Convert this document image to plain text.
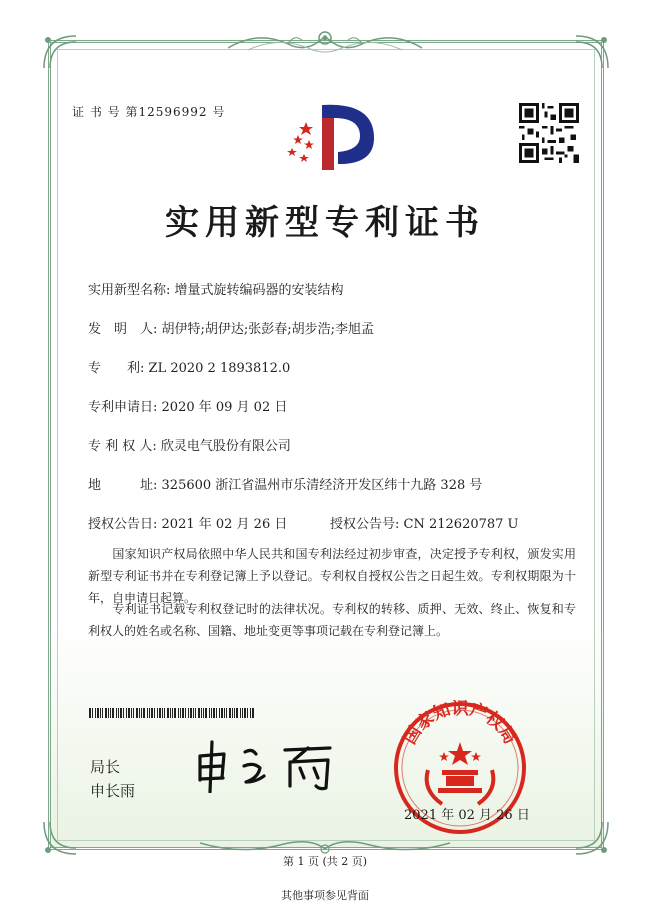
证 书 号 第12596992 号
实用新型专利证书
实用新型名称: 增量式旋转编码器的安装结构
发　明　人: 胡伊特;胡伊达;张彭春;胡步浩;李旭孟
专　　利: ZL 2020 2 1893812.0
专利申请日: 2020 年 09 月 02 日
专 利 权 人: 欣灵电气股份有限公司
地　　　址: 325600 浙江省温州市乐清经济开发区纬十九路 328 号
授权公告日: 2021 年 02 月 26 日	授权公告号: CN 212620787 U
　　国家知识产权局依照中华人民共和国专利法经过初步审查，决定授予专利权，颁发实用新型专利证书并在专利登记簿上予以登记。专利权自授权公告之日起生效。专利权期限为十年，自申请日起算。
　　专利证书记载专利权登记时的法律状况。专利权的转移、质押、无效、终止、恢复和专利权人的姓名或名称、国籍、地址变更等事项记载在专利登记簿上。
局长
申长雨
国家知识产权局
2021 年 02 月 26 日
第 1 页 (共 2 页)
其他事项参见背面
